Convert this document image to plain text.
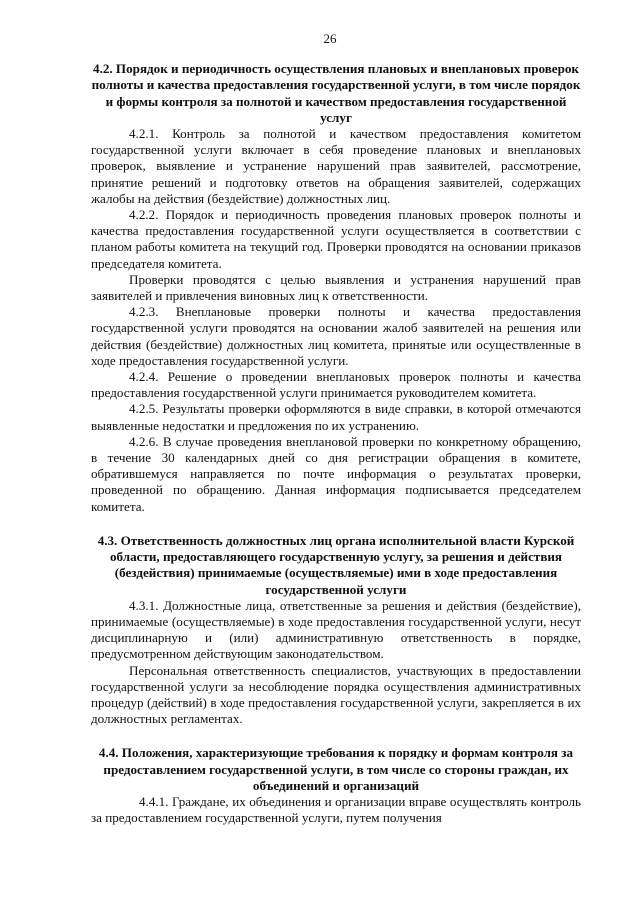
26

4.2. Порядок и периодичность осуществления плановых и внеплановых проверок полноты и качества предоставления государственной услуги, в том числе порядок и формы контроля за полнотой и качеством предоставления государственной услуг

4.2.1. Контроль за полнотой и качеством предоставления комитетом государственной услуги включает в себя проведение плановых и внеплановых проверок, выявление и устранение нарушений прав заявителей, рассмотрение, принятие решений и подготовку ответов на обращения заявителей, содержащих жалобы на действия (бездействие) должностных лиц.

4.2.2. Порядок и периодичность проведения плановых проверок полноты и качества предоставления государственной услуги осуществляется в соответствии с планом работы комитета на текущий год. Проверки проводятся на основании приказов председателя комитета.

Проверки проводятся с целью выявления и устранения нарушений прав заявителей и привлечения виновных лиц к ответственности.

4.2.3. Внеплановые проверки полноты и качества предоставления государственной услуги проводятся на основании жалоб заявителей на решения или действия (бездействие) должностных лиц комитета, принятые или осуществленные в ходе предоставления государственной услуги.

4.2.4. Решение о проведении внеплановых проверок полноты и качества предоставления государственной услуги принимается руководителем комитета.

4.2.5. Результаты проверки оформляются в виде справки, в которой отмечаются выявленные недостатки и предложения по их устранению.

4.2.6. В случае проведения внеплановой проверки по конкретному обращению, в течение 30 календарных дней со дня регистрации обращения в комитете, обратившемуся направляется по почте информация о результатах проверки, проведенной по обращению. Данная информация подписывается председателем комитета.

4.3. Ответственность должностных лиц органа исполнительной власти Курской области, предоставляющего государственную услугу, за решения и действия (бездействия) принимаемые (осуществляемые) ими в ходе предоставления государственной услуги

4.3.1. Должностные лица, ответственные за решения и действия (бездействие), принимаемые (осуществляемые) в ходе предоставления государственной услуги, несут дисциплинарную и (или) административную ответственность в порядке, предусмотренном действующим законодательством.

Персональная ответственность специалистов, участвующих в предоставлении государственной услуги за несоблюдение порядка осуществления административных процедур (действий) в ходе предоставления государственной услуги, закрепляется в их должностных регламентах.

4.4. Положения, характеризующие требования к порядку и формам контроля за предоставлением государственной услуги, в том числе со стороны граждан, их объединений и организаций

4.4.1. Граждане, их объединения и организации вправе осуществлять контроль за предоставлением государственной услуги, путем получения
